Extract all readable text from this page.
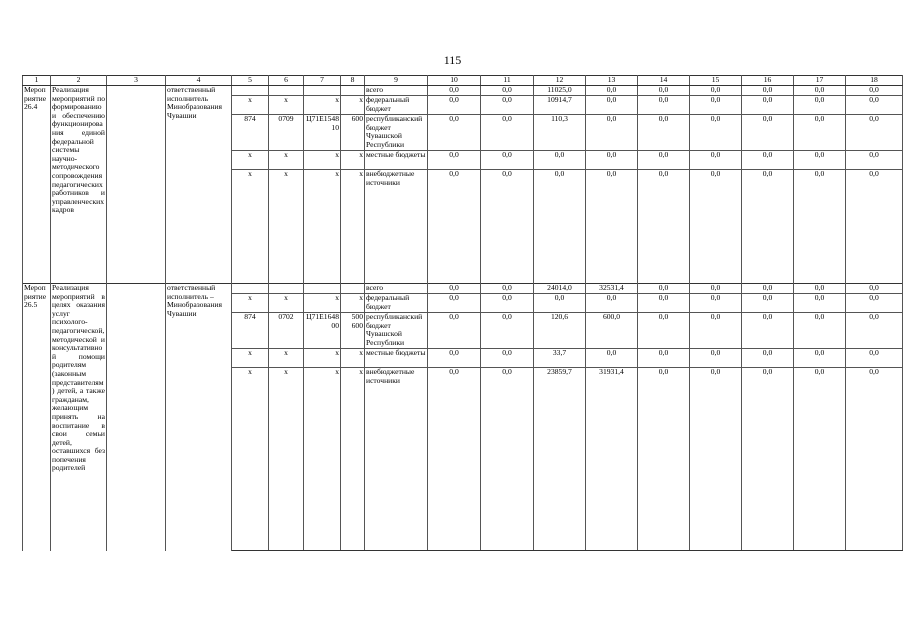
115
1	2	3	4	5	6	7	8	9	10	11	12	13	14	15	16	17	18
Мероприятие 26.4	Реализация мероприятий по формированию и обеспечению функционирования единой федеральной системы научно-методического сопровождения педагогических работников и управленческих кадров		ответственный исполнитель Минобразования Чувашии					всего	0,0	0,0	11025,0	0,0	0,0	0,0	0,0	0,0	0,0
				x	x	x	x	федеральный бюджет	0,0	0,0	10914,7	0,0	0,0	0,0	0,0	0,0	0,0
				874	0709	Ц71Е154810	600	республиканский бюджет Чувашской Республики	0,0	0,0	110,3	0,0	0,0	0,0	0,0	0,0	0,0
				x	x	x	x	местные бюджеты	0,0	0,0	0,0	0,0	0,0	0,0	0,0	0,0	0,0
				x	x	x	x	внебюджетные источники	0,0	0,0	0,0	0,0	0,0	0,0	0,0	0,0	0,0
Мероприятие 26.5	Реализация мероприятий в целях оказания услуг психолого-педагогической, методической и консультативной помощи родителям (законным представителям) детей, а также гражданам, желающим принять на воспитание в свои семьи детей, оставшихся без попечения родителей		ответственный исполнитель – Минобразования Чувашии					всего	0,0	0,0	24014,0	32531,4	0,0	0,0	0,0	0,0	0,0
				x	x	x	x	федеральный бюджет	0,0	0,0	0,0	0,0	0,0	0,0	0,0	0,0	0,0
				874	0702	Ц71Е164800	500 600	республиканский бюджет Чувашской Республики	0,0	0,0	120,6	600,0	0,0	0,0	0,0	0,0	0,0
				x	x	x	x	местные бюджеты	0,0	0,0	33,7	0,0	0,0	0,0	0,0	0,0	0,0
				x	x	x	x	внебюджетные источники	0,0	0,0	23859,7	31931,4	0,0	0,0	0,0	0,0	0,0
